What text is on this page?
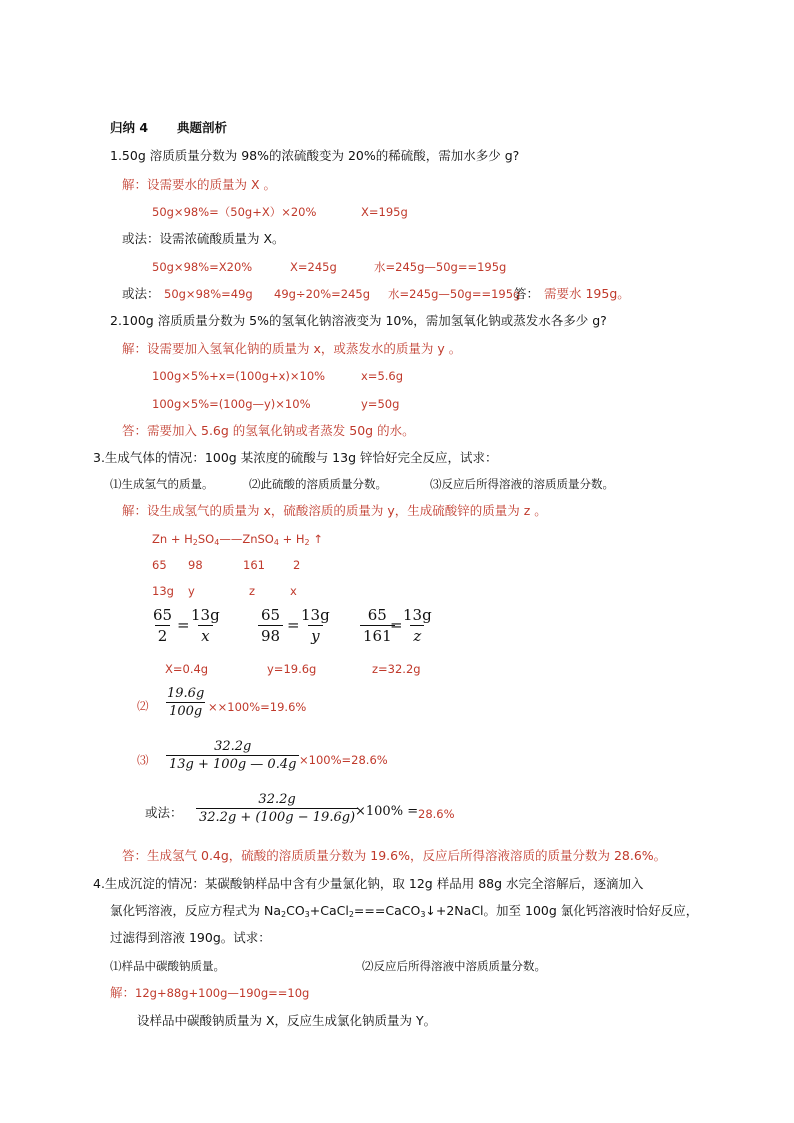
归纳 4 典题剖析
1.50g 溶质质量分数为 98%的浓硫酸变为 20%的稀硫酸，需加水多少 g?
解：设需要水的质量为 X 。
50g×98%=（50g+X）×20%	X=195g
或法：设需浓硫酸质量为 X。
50g×98%=X20%	X=245g	水=245g—50g==195g
或法： 50g×98%=49g 49g÷20%=245g 水=245g—50g==195g
答： 需要水 195g。
2.100g 溶质质量分数为 5%的氢氧化钠溶液变为 10%，需加氢氧化钠或蒸发水各多少 g?
解：设需要加入氢氧化钠的质量为 x，或蒸发水的质量为 y 。
100g×5%+x=(100g+x)×10%	x=5.6g
100g×5%=(100g—y)×10%	y=50g
答：需要加入 5.6g 的氢氧化钠或者蒸发 50g 的水。
3.生成气体的情况：100g 某浓度的硫酸与 13g 锌恰好完全反应，试求：
⑴生成氢气的质量。	⑵此硫酸的溶质质量分数。	⑶反应后所得溶液的溶质质量分数。
解：设生成氢气的质量为 x，硫酸溶质的质量为 y，生成硫酸锌的质量为 z 。
$Zn + H_2SO_4——ZnSO_4 + H_2$ ↑
65 98	161 2
13g y	z	x
$\frac{65}{2}$ =
$\frac{13g}{x} \frac{65}{98}$ =
$\frac{13g}{y} \frac{65}{161}$
=
$\frac{13g}{z}$
X=0.4g	y=19.6g	z=32.2g
⑵ $\frac{19.6g}{100g} \times\times 100\%=19.6\%$
⑶ $\frac{32.2g}{13g + 100g — 0.4g} \times 100\%=28.6\%$
或法： $\frac{32.2g}{32.2g + (100g - 19.6g)}$
×100% = 28.6%
答：生成氢气 0.4g，硫酸的溶质质量分数为 19.6%，反应后所得溶液溶质的质量分数为 28.6%。
4.生成沉淀的情况：某碳酸钠样品中含有少量氯化钠，取 12g 样品用 88g 水完全溶解后，逐滴加入
氯化钙溶液，反应方程式为 $Na_2CO_3+CaCl_2===CaCO_3↓+2NaCl$。加至 100g 氯化钙溶液时恰好反应，
过滤得到溶液 190g。试求：
⑴样品中碳酸钠质量。	⑵反应后所得溶液中溶质质量分数。
解：12g+88g+100g—190g==10g
设样品中碳酸钠质量为 X，反应生成氯化钠质量为 Y。
